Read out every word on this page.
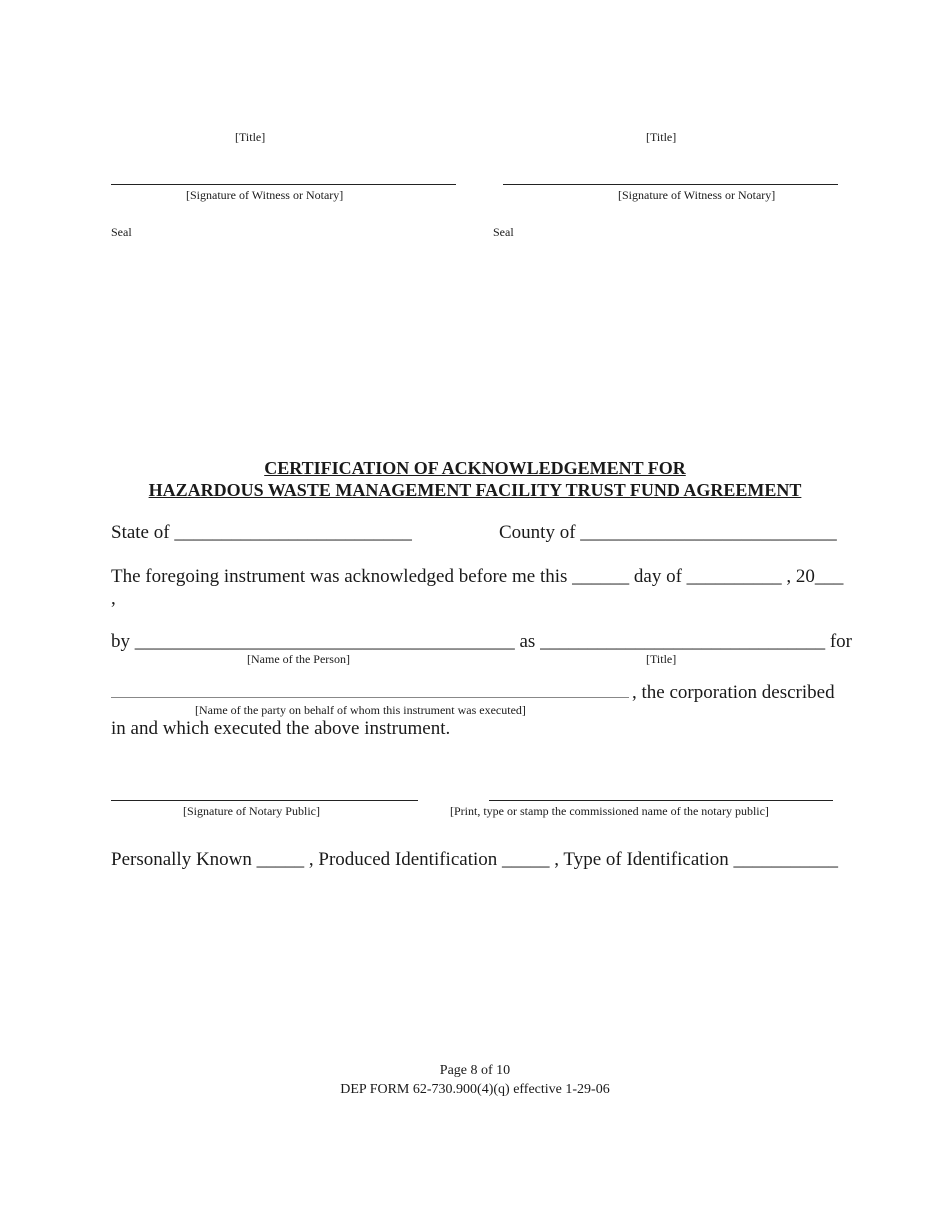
[Title]	[Title]
[Signature of Witness or Notary]	[Signature of Witness or Notary]
Seal	Seal
CERTIFICATION OF ACKNOWLEDGEMENT FOR
HAZARDOUS WASTE MANAGEMENT FACILITY TRUST FUND AGREEMENT
State of _________________________	County of ___________________________
The foregoing instrument was acknowledged before me this ______ day of __________ , 20___
,
by ________________________________________ as ______________________________ for
[Name of the Person]	[Title]
, the corporation described
[Name of the party on behalf of whom this instrument was executed]
in and which executed the above instrument.
[Signature of Notary Public]	[Print, type or stamp the commissioned name of the notary public]
Personally Known _____ , Produced Identification _____ , Type of Identification ___________
Page 8 of 10
DEP FORM 62-730.900(4)(q) effective 1-29-06
